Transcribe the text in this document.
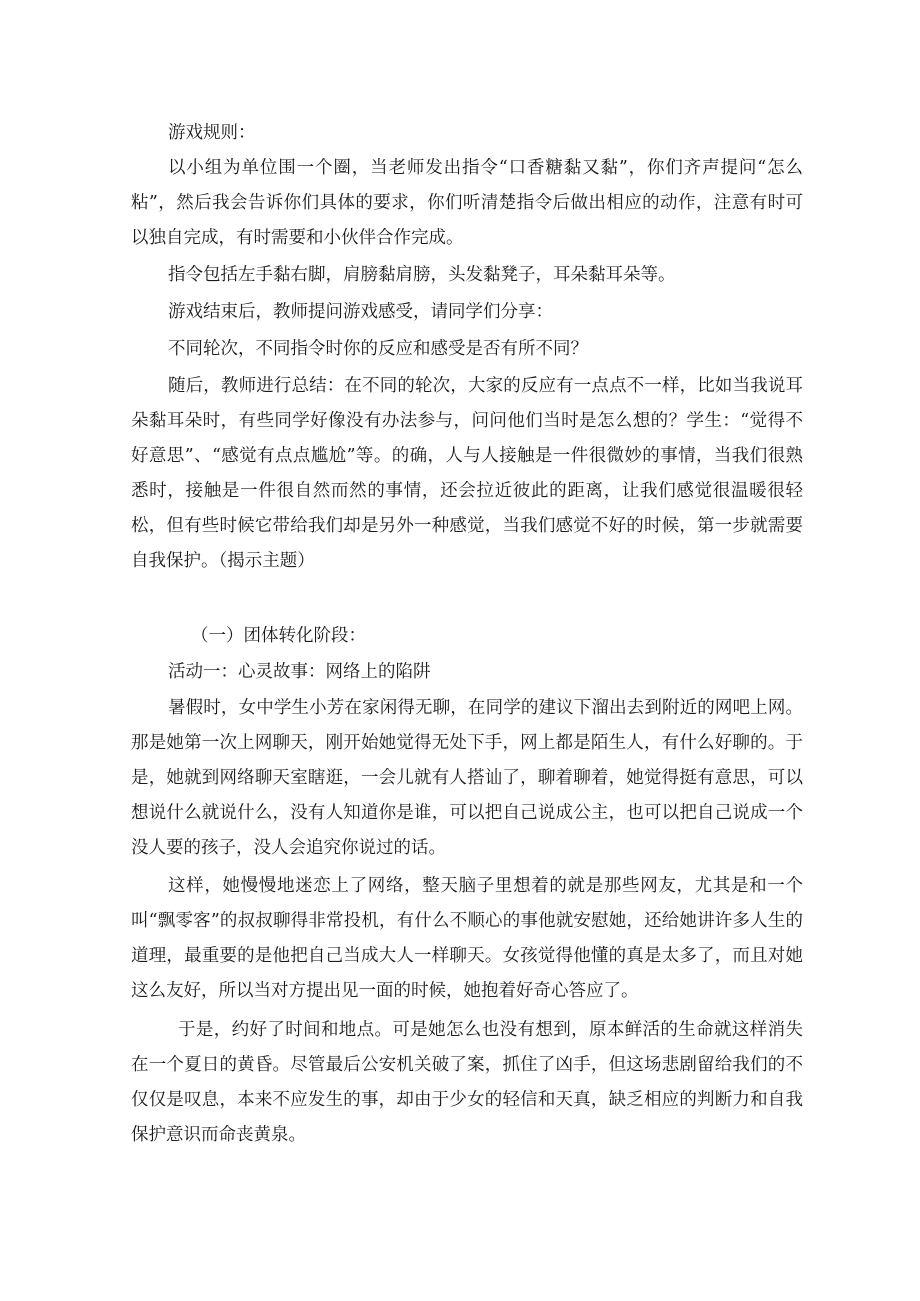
游戏规则：

以小组为单位围一个圈，当老师发出指令“口香糖黏又黏”，你们齐声提问“怎么粘”，然后我会告诉你们具体的要求，你们听清楚指令后做出相应的动作，注意有时可以独自完成，有时需要和小伙伴合作完成。

指令包括左手黏右脚，肩膀黏肩膀，头发黏凳子，耳朵黏耳朵等。

游戏结束后，教师提问游戏感受，请同学们分享：

不同轮次，不同指令时你的反应和感受是否有所不同？

随后，教师进行总结：在不同的轮次，大家的反应有一点点不一样，比如当我说耳朵黏耳朵时，有些同学好像没有办法参与，问问他们当时是怎么想的？学生：“觉得不好意思”、“感觉有点点尴尬”等。的确，人与人接触是一件很微妙的事情，当我们很熟悉时，接触是一件很自然而然的事情，还会拉近彼此的距离，让我们感觉很温暖很轻松，但有些时候它带给我们却是另外一种感觉，当我们感觉不好的时候，第一步就需要自我保护。（揭示主题）

（一）团体转化阶段：

活动一：心灵故事：网络上的陷阱

暑假时，女中学生小芳在家闲得无聊，在同学的建议下溜出去到附近的网吧上网。那是她第一次上网聊天，刚开始她觉得无处下手，网上都是陌生人，有什么好聊的。于是，她就到网络聊天室瞎逛，一会儿就有人搭讪了，聊着聊着，她觉得挺有意思，可以想说什么就说什么，没有人知道你是谁，可以把自己说成公主，也可以把自己说成一个没人要的孩子，没人会追究你说过的话。

这样，她慢慢地迷恋上了网络，整天脑子里想着的就是那些网友，尤其是和一个叫“飘零客”的叔叔聊得非常投机，有什么不顺心的事他就安慰她，还给她讲许多人生的道理，最重要的是他把自己当成大人一样聊天。女孩觉得他懂的真是太多了，而且对她这么友好，所以当对方提出见一面的时候，她抱着好奇心答应了。

于是，约好了时间和地点。可是她怎么也没有想到，原本鲜活的生命就这样消失在一个夏日的黄昏。尽管最后公安机关破了案，抓住了凶手，但这场悲剧留给我们的不仅仅是叹息，本来不应发生的事，却由于少女的轻信和天真，缺乏相应的判断力和自我保护意识而命丧黄泉。
